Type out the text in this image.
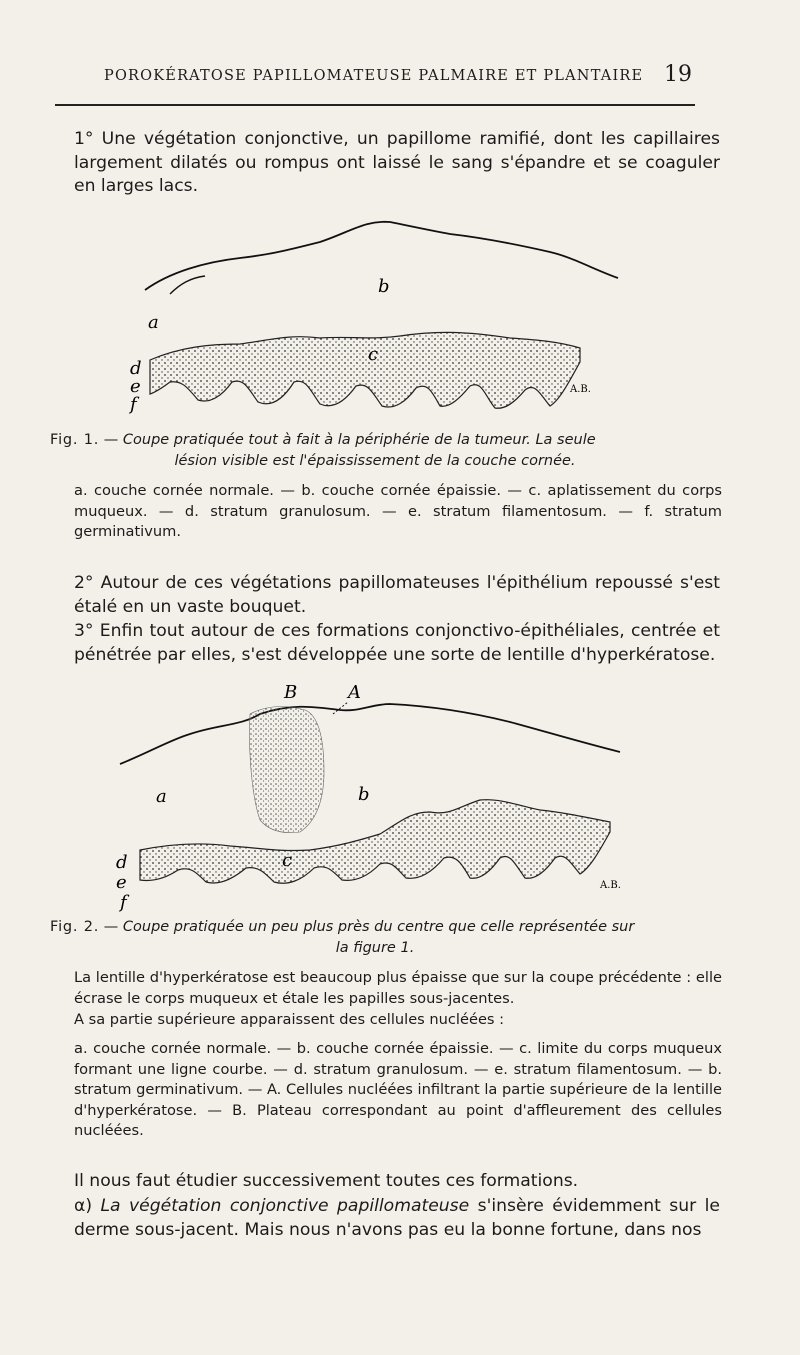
POROKÉRATOSE PAPILLOMATEUSE PALMAIRE ET PLANTAIRE 19
1° Une végétation conjonctive, un papillome ramifié, dont les capillaires largement dilatés ou rompus ont laissé le sang s'épandre et se coaguler en larges lacs.
b
a
c
d
e
f
A.B.
Fig. 1. — Coupe pratiquée tout à fait à la périphérie de la tumeur. La seule
lésion visible est l'épaississement de la couche cornée.
a. couche cornée normale. — b. couche cornée épaissie. — c. aplatissement du corps muqueux. — d. stratum granulosum. — e. stratum filamentosum. — f. stratum germinativum.
2° Autour de ces végétations papillomateuses l'épithélium repoussé s'est étalé en un vaste bouquet.
3° Enfin tout autour de ces formations conjonctivo-épithéliales, centrée et pénétrée par elles, s'est développée une sorte de lentille d'hyperkératose.
B	A
a	b
c
d
e
f
A.B.
Fig. 2. — Coupe pratiquée un peu plus près du centre que celle représentée sur
la figure 1.
La lentille d'hyperkératose est beaucoup plus épaisse que sur la coupe précédente : elle écrase le corps muqueux et étale les papilles sous-jacentes.
A sa partie supérieure apparaissent des cellules nucléées :
a. couche cornée normale. — b. couche cornée épaissie. — c. limite du corps muqueux formant une ligne courbe. — d. stratum granulosum. — e. stratum filamentosum. — b. stratum germinativum. — A. Cellules nucléées infiltrant la partie supérieure de la lentille d'hyperkératose. — B. Plateau correspondant au point d'affleurement des cellules nucléées.
Il nous faut étudier successivement toutes ces formations.
α) La végétation conjonctive papillomateuse s'insère évidemment sur le derme sous-jacent. Mais nous n'avons pas eu la bonne fortune, dans nos
